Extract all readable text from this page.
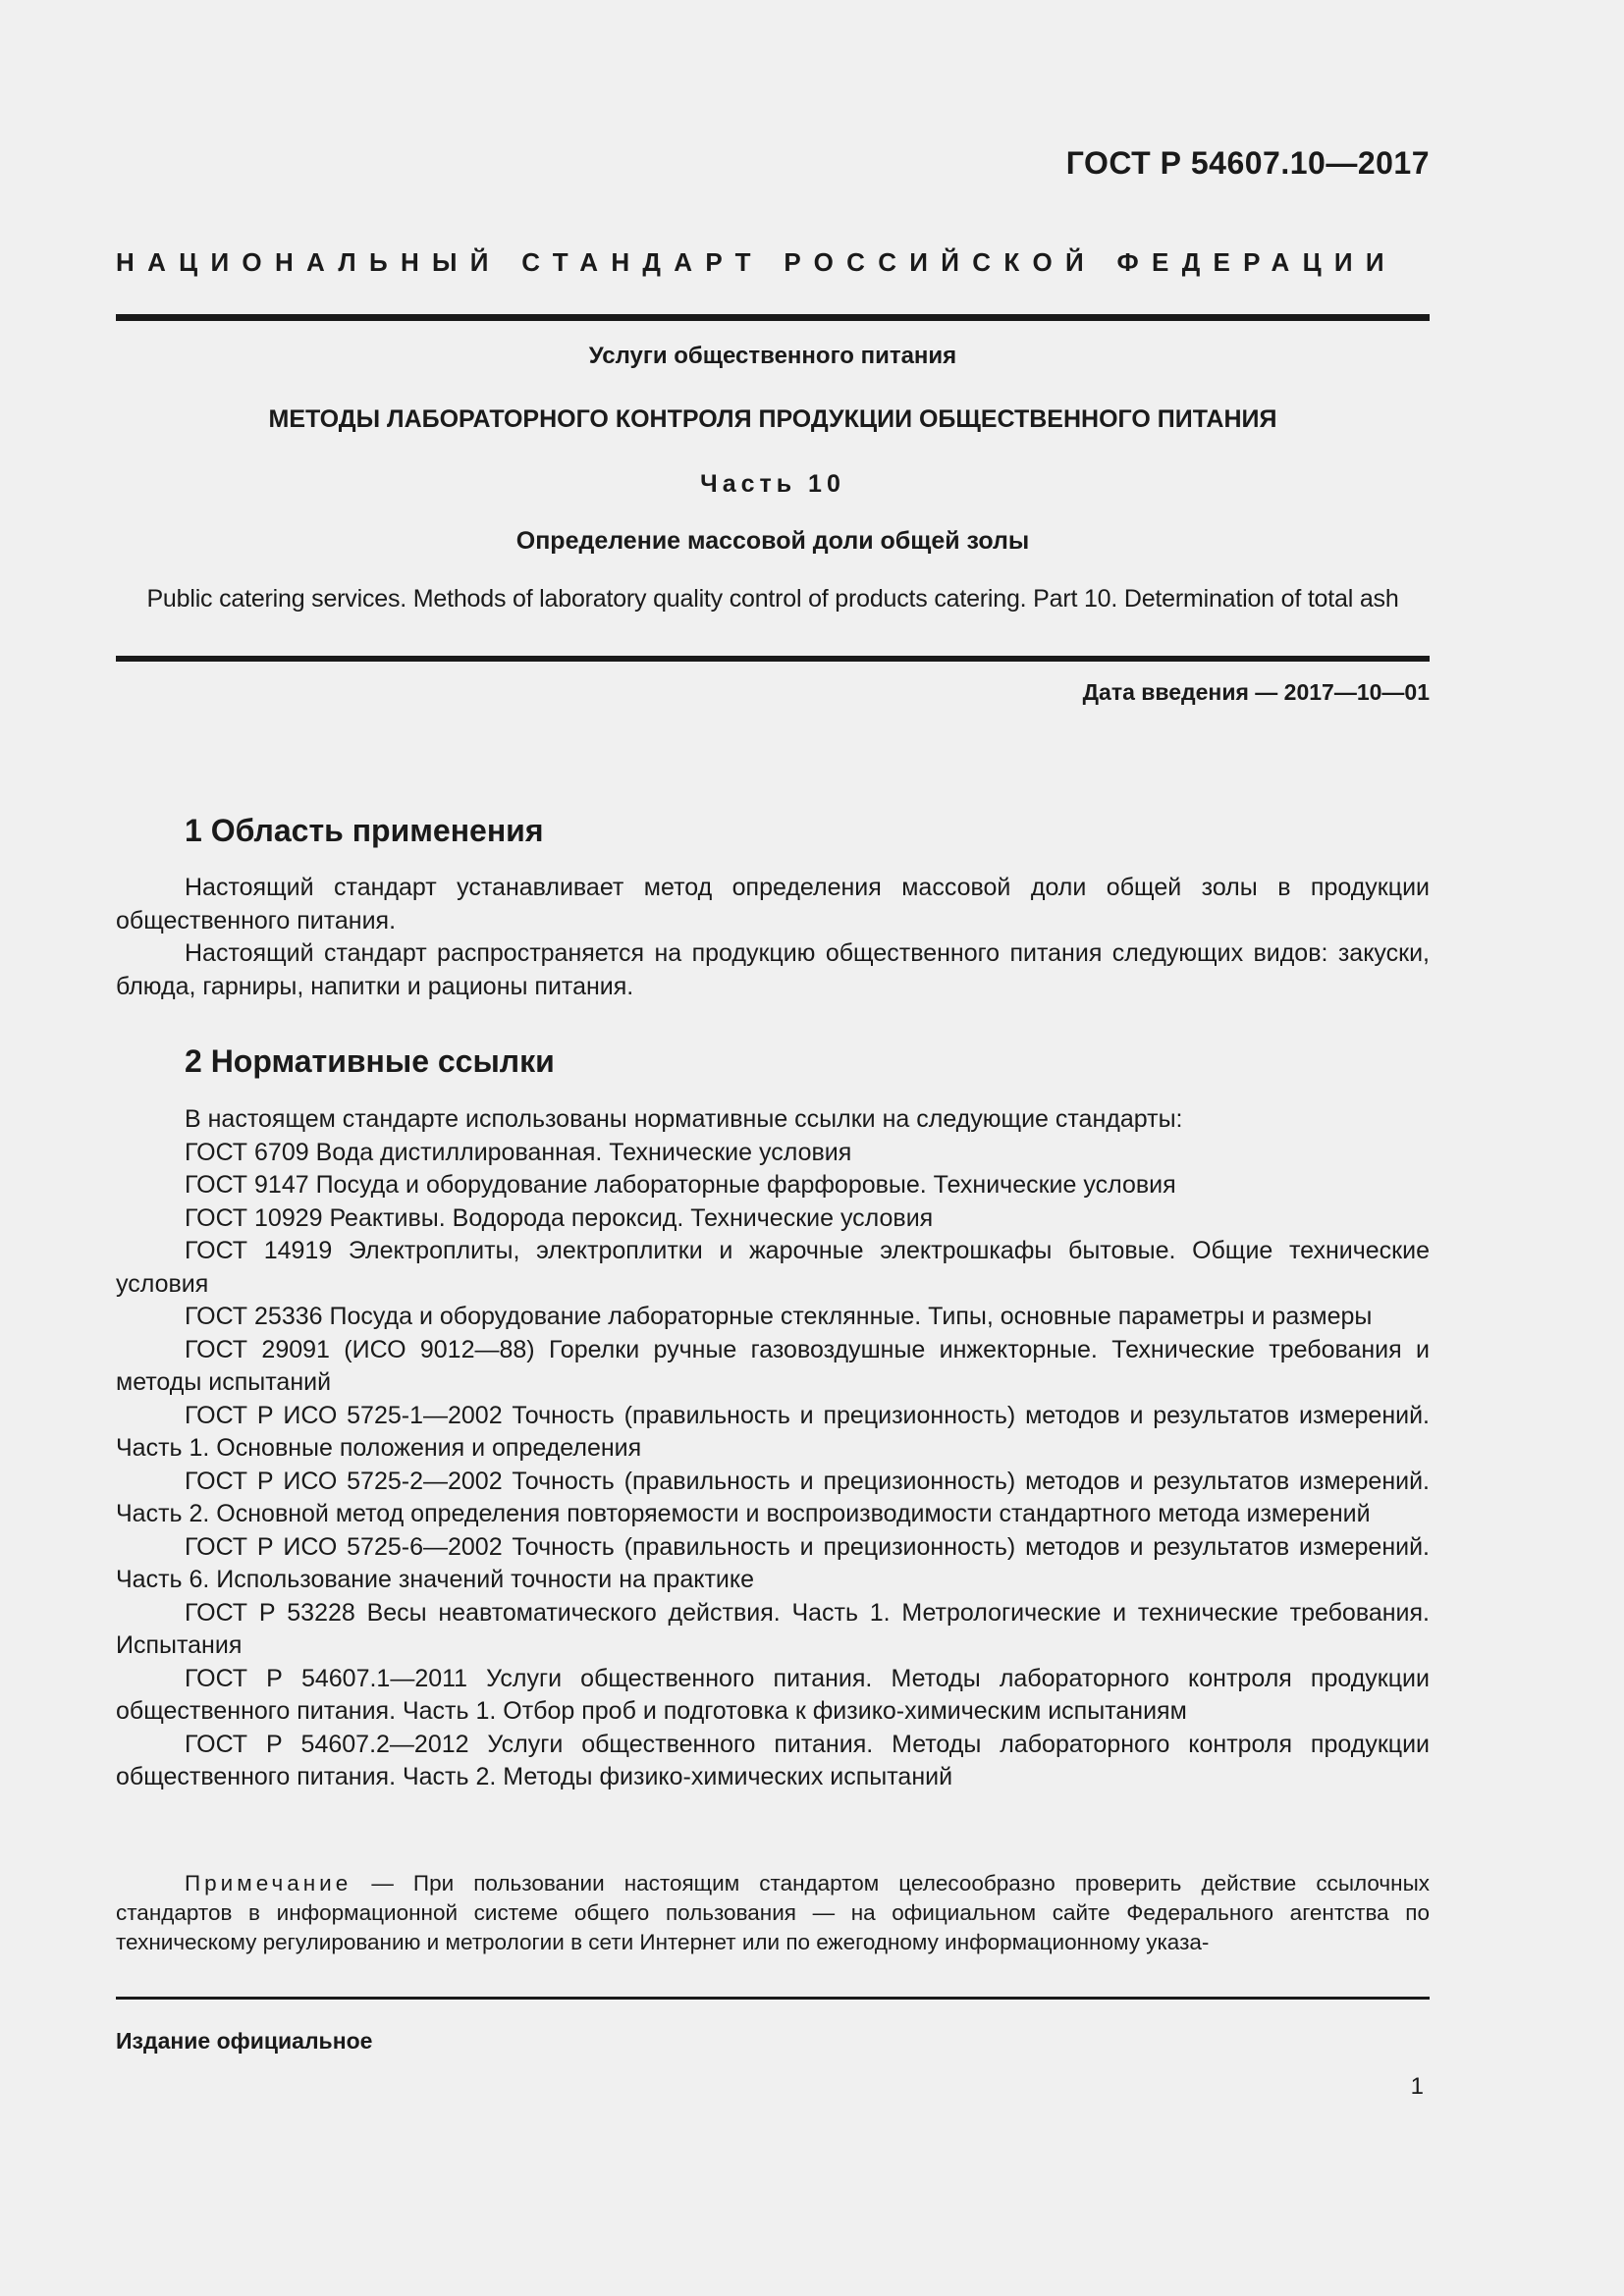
ГОСТ Р 54607.10—2017
НАЦИОНАЛЬНЫЙ СТАНДАРТ РОССИЙСКОЙ ФЕДЕРАЦИИ
Услуги общественного питания
МЕТОДЫ ЛАБОРАТОРНОГО КОНТРОЛЯ ПРОДУКЦИИ ОБЩЕСТВЕННОГО ПИТАНИЯ
Часть 10
Определение массовой доли общей золы
Public catering services. Methods of laboratory quality control of products catering. Part 10. Determination of total ash
Дата введения — 2017—10—01
1 Область применения

Настоящий стандарт устанавливает метод определения массовой доли общей золы в продукции общественного питания.

Настоящий стандарт распространяется на продукцию общественного питания следующих видов: закуски, блюда, гарниры, напитки и рационы питания.

2 Нормативные ссылки

В настоящем стандарте использованы нормативные ссылки на следующие стандарты:

ГОСТ 6709 Вода дистиллированная. Технические условия

ГОСТ 9147 Посуда и оборудование лабораторные фарфоровые. Технические условия

ГОСТ 10929 Реактивы. Водорода пероксид. Технические условия

ГОСТ 14919 Электроплиты, электроплитки и жарочные электрошкафы бытовые. Общие технические условия

ГОСТ 25336 Посуда и оборудование лабораторные стеклянные. Типы, основные параметры и размеры

ГОСТ 29091 (ИСО 9012—88) Горелки ручные газовоздушные инжекторные. Технические требования и методы испытаний

ГОСТ Р ИСО 5725-1—2002 Точность (правильность и прецизионность) методов и результатов измерений. Часть 1. Основные положения и определения

ГОСТ Р ИСО 5725-2—2002 Точность (правильность и прецизионность) методов и результатов измерений. Часть 2. Основной метод определения повторяемости и воспроизводимости стандартного метода измерений

ГОСТ Р ИСО 5725-6—2002 Точность (правильность и прецизионность) методов и результатов измерений. Часть 6. Использование значений точности на практике

ГОСТ Р 53228 Весы неавтоматического действия. Часть 1. Метрологические и технические требования. Испытания

ГОСТ Р 54607.1—2011 Услуги общественного питания. Методы лабораторного контроля продукции общественного питания. Часть 1. Отбор проб и подготовка к физико-химическим испытаниям

ГОСТ Р 54607.2—2012 Услуги общественного питания. Методы лабораторного контроля продукции общественного питания. Часть 2. Методы физико-химических испытаний

Примечание — При пользовании настоящим стандартом целесообразно проверить действие ссылочных стандартов в информационной системе общего пользования — на официальном сайте Федерального агентства по техническому регулированию и метрологии в сети Интернет или по ежегодному информационному указа-

Издание официальное
1
